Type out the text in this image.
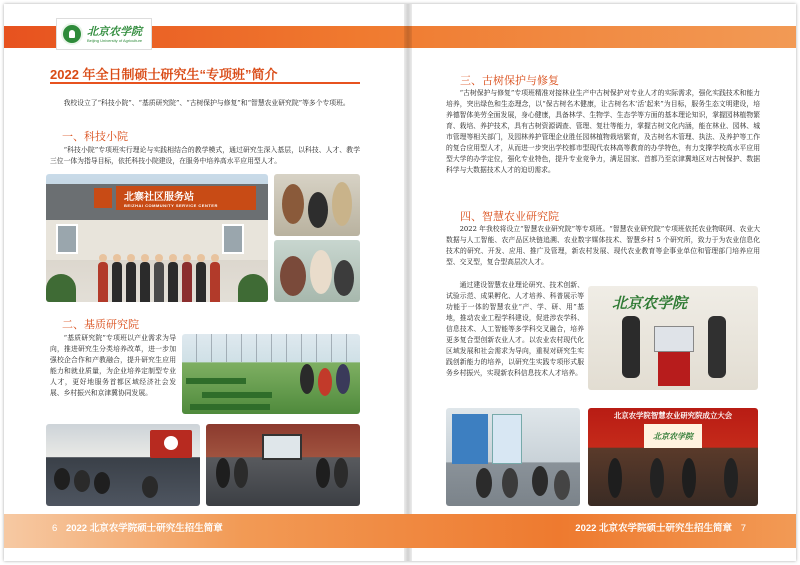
北京农学院
Beijing University of Agriculture
2022 年全日制硕士研究生“专项班”简介

我校设立了“科技小院”、“基质研究院”、“古树保护与修复”和“智慧农业研究院”等多个专项班。

一、科技小院

“科技小院”专项班实行理论与实践相结合的教学模式，通过研究生深入基层，以科技、人才、教学三位一体为指导目标，依托科技小院建设，在服务中培养高水平应用型人才。

北寨社区服务站
BEIZHAI COMMUNITY SERVICE CENTER
二、基质研究院

“基质研究院”专项班以产业需求为导向，推进研究生分类培养改革，进一步加强校企合作和产教融合，提升研究生应用能力和就业质量，为企业培养定制型专业人才，更好地服务首都区域经济社会发展、乡村振兴和京津冀协同发展。

三、古树保护与修复

“古树保护与修复”专项班精准对接林业生产中古树保护对专业人才的实际需求，强化实践技术和能力培养，突出绿色和生态理念，以“保古树名木健康，让古树名木‘活’起来”为目标，服务生态文明建设，培养德智体美劳全面发展，身心健康，具备林学、生物学、生态学等方面的基本理论知识，掌握园林植物繁育、栽培、养护技术，具有古树资源调查、管理、复壮等能力，掌握古树文化内涵，能在林业、园林、城市管理等相关部门，及园林养护管理企业胜任园林植物栽培繁育，及古树名木管理、执法、及养护等工作的复合应用型人才，从而进一步突出学校都市型现代农林高等教育的办学特色，有力支撑学校高水平应用型大学的办学定位，强化专业特色，提升专业竞争力，满足国家、首都乃至京津冀地区对古树保护、数据科学与大数据技术人才的迫切需求。

四、智慧农业研究院

2022 年我校将设立“智慧农业研究院”等专项班。“智慧农业研究院”专项班依托农业物联网、农业大数据与人工智能、农产品区块链追溯、农业数字媒体技术、智慧乡村 5 个研究所，致力于为农业信息化技术的研究、开发、应用、推广及管理，新农村发展、现代农业教育等企事业单位和管理部门培养应用型、交叉型，复合型高层次人才。

通过建设智慧农业理论研究、技术创新、试验示范、成果孵化、人才培养、科普展示等功能于一体的智慧农业“产、学、研、用”基地，推动农业工程学科建设，促进涉农学科、信息技术、人工智能等多学科交叉融合，培养更多复合型创新农业人才。以农业农村现代化区域发展和社会需求为导向，重视对研究生实践创新能力的培养，以研究生实践专项形式服务乡村振兴，实现新农科信息技术人才培养。

北京农学院
北京农学院智慧农业研究院成立大会
北京农学院
6 2022 北京农学院硕士研究生招生简章	2022 北京农学院硕士研究生招生简章 7
